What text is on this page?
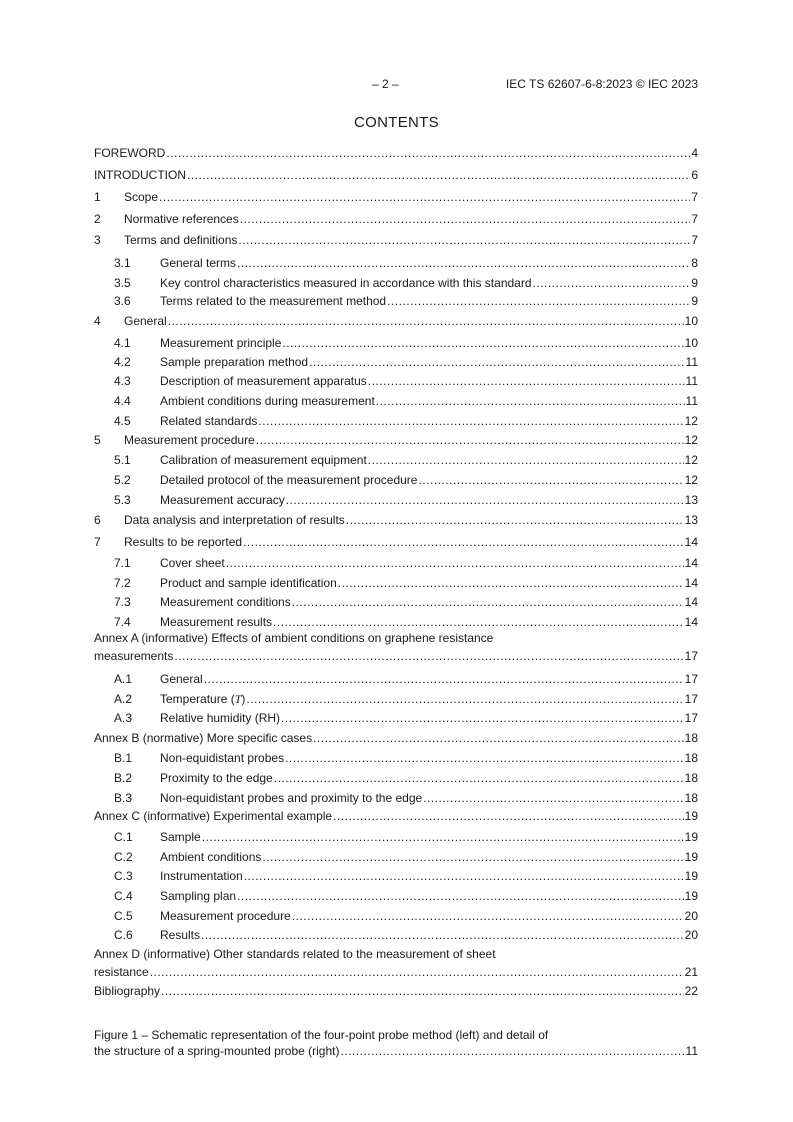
– 2 –	IEC TS 62607-6-8:2023 © IEC 2023
CONTENTS
FOREWORD .....	4
INTRODUCTION .....	6
1	Scope .....	7
2	Normative references .....	7
3	Terms and definitions .....	7
3.1	General terms .....	8
3.5	Key control characteristics measured in accordance with this standard .....	9
3.6	Terms related to the measurement method .....	9
4	General .....	10
4.1	Measurement principle .....	10
4.2	Sample preparation method .....	11
4.3	Description of measurement apparatus .....	11
4.4	Ambient conditions during measurement .....	11
4.5	Related standards .....	12
5	Measurement procedure .....	12
5.1	Calibration of measurement equipment .....	12
5.2	Detailed protocol of the measurement procedure .....	12
5.3	Measurement accuracy .....	13
6	Data analysis and interpretation of results .....	13
7	Results to be reported .....	14
7.1	Cover sheet .....	14
7.2	Product and sample identification .....	14
7.3	Measurement conditions .....	14
7.4	Measurement results .....	14
Annex A (informative) Effects of ambient conditions on graphene resistance
measurements .....	17
A.1	General .....	17
A.2	Temperature (T) .....	17
A.3	Relative humidity (RH) .....	17
Annex B (normative) More specific cases .....	18
B.1	Non-equidistant probes .....	18
B.2	Proximity to the edge .....	18
B.3	Non-equidistant probes and proximity to the edge .....	18
Annex C (informative) Experimental example .....	19
C.1	Sample .....	19
C.2	Ambient conditions .....	19
C.3	Instrumentation .....	19
C.4	Sampling plan .....	19
C.5	Measurement procedure .....	20
C.6	Results .....	20
Annex D (informative) Other standards related to the measurement of sheet
resistance .....	21
Bibliography .....	22
Figure 1 – Schematic representation of the four-point probe method (left) and detail of
the structure of a spring-mounted probe (right) .....	11
